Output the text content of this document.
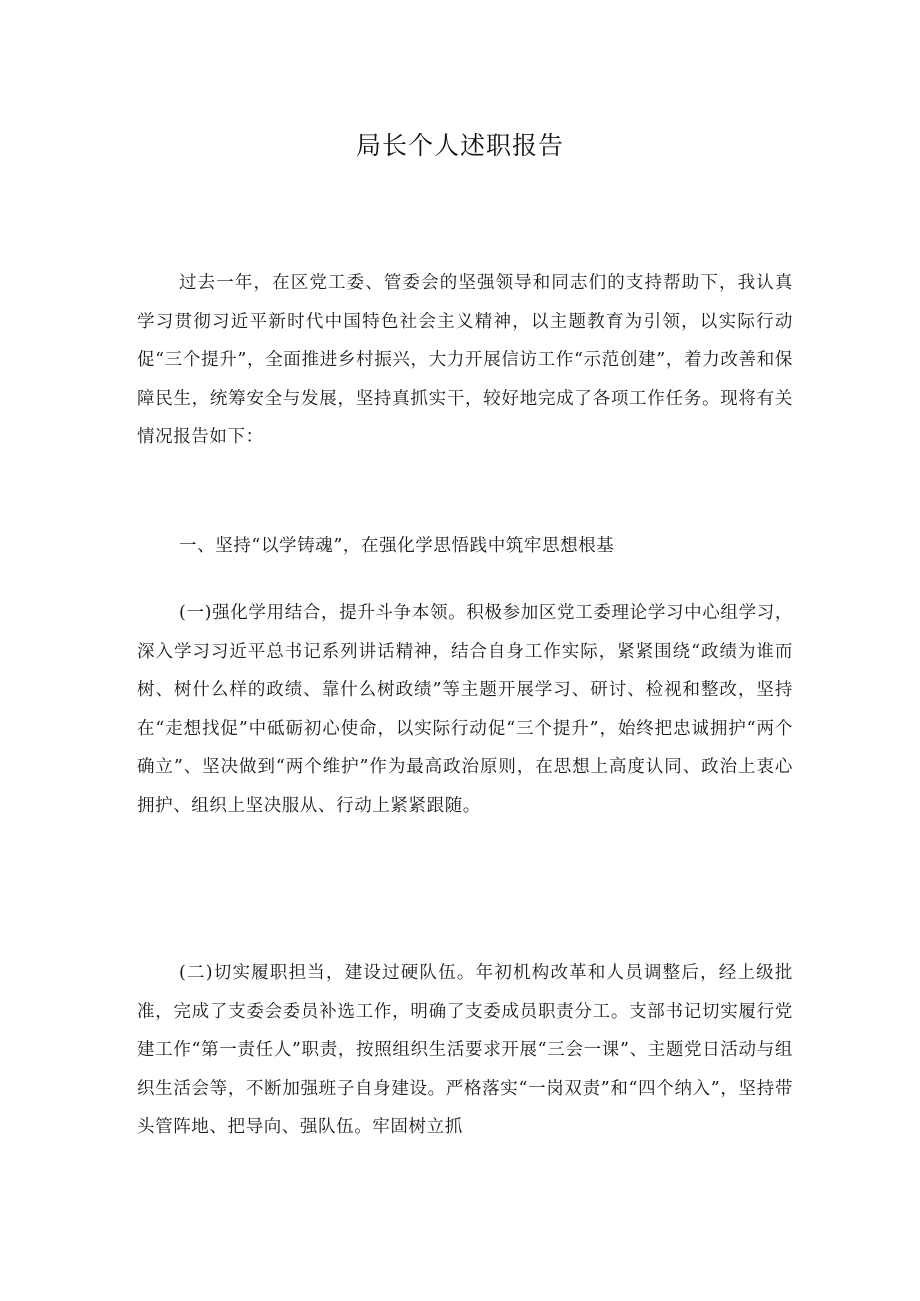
局长个人述职报告

过去一年，在区党工委、管委会的坚强领导和同志们的支持帮助下，我认真学习贯彻习近平新时代中国特色社会主义精神，以主题教育为引领，以实际行动促“三个提升”，全面推进乡村振兴，大力开展信访工作“示范创建”，着力改善和保障民生，统筹安全与发展，坚持真抓实干，较好地完成了各项工作任务。现将有关情况报告如下：

一、坚持“以学铸魂”，在强化学思悟践中筑牢思想根基

(一)强化学用结合，提升斗争本领。积极参加区党工委理论学习中心组学习，深入学习习近平总书记系列讲话精神，结合自身工作实际，紧紧围绕“政绩为谁而树、树什么样的政绩、靠什么树政绩”等主题开展学习、研讨、检视和整改，坚持在“走想找促”中砥砺初心使命，以实际行动促“三个提升”，始终把忠诚拥护“两个确立”、坚决做到“两个维护”作为最高政治原则，在思想上高度认同、政治上衷心拥护、组织上坚决服从、行动上紧紧跟随。

(二)切实履职担当，建设过硬队伍。年初机构改革和人员调整后，经上级批准，完成了支委会委员补选工作，明确了支委成员职责分工。支部书记切实履行党建工作“第一责任人”职责，按照组织生活要求开展“三会一课”、主题党日活动与组织生活会等，不断加强班子自身建设。严格落实“一岗双责”和“四个纳入”，坚持带头管阵地、把导向、强队伍。牢固树立抓
